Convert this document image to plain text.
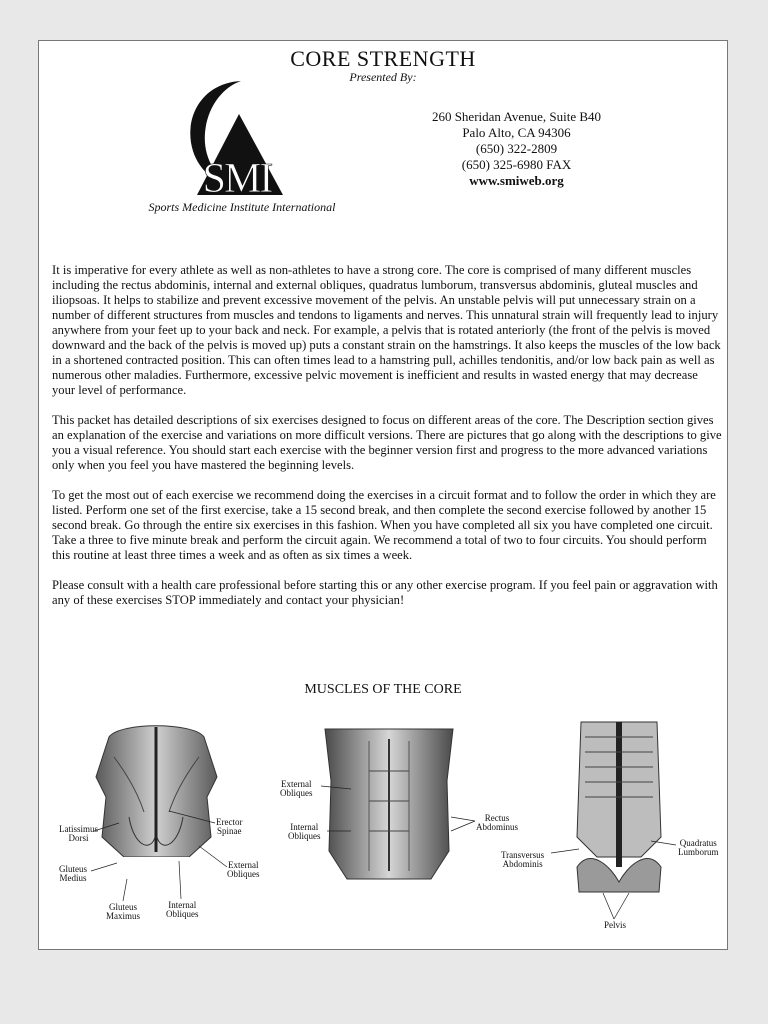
CORE STRENGTH
Presented By:
SMI
Sports Medicine Institute International
260 Sheridan Avenue, Suite B40
Palo Alto, CA 94306
(650) 322-2809
(650) 325-6980 FAX
www.smiweb.org

It is imperative for every athlete as well as non-athletes to have a strong core. The core is comprised of many different muscles including the rectus abdominis, internal and external obliques, quadratus lumborum, transversus abdominis, gluteal muscles and iliopsoas. It helps to stabilize and prevent excessive movement of the pelvis. An unstable pelvis will put unnecessary strain on a number of different structures from muscles and tendons to ligaments and nerves. This unnatural strain will frequently lead to injury anywhere from your feet up to your back and neck. For example, a pelvis that is rotated anteriorly (the front of the pelvis is moved downward and the back of the pelvis is moved up) puts a constant strain on the hamstrings. It also keeps the muscles of the low back in a shortened contracted position. This can often times lead to a hamstring pull, achilles tendonitis, and/or low back pain as well as numerous other maladies. Furthermore, excessive pelvic movement is inefficient and results in wasted energy that may decrease your level of performance.

This packet has detailed descriptions of six exercises designed to focus on different areas of the core. The Description section gives an explanation of the exercise and variations on more difficult versions. There are pictures that go along with the descriptions to give you a visual reference. You should start each exercise with the beginner version first and progress to the more advanced variations only when you feel you have mastered the beginning levels.

To get the most out of each exercise we recommend doing the exercises in a circuit format and to follow the order in which they are listed. Perform one set of the first exercise, take a 15 second break, and then complete the second exercise followed by another 15 second break. Go through the entire six exercises in this fashion. When you have completed all six you have completed one circuit. Take a three to five minute break and perform the circuit again. We recommend a total of two to four circuits. You should perform this routine at least three times a week and as often as six times a week.

Please consult with a health care professional before starting this or any other exercise program. If you feel pain or aggravation with any of these exercises STOP immediately and contact your physician!

MUSCLES OF THE CORE
Latissimus
Dorsi
Erector
Spinae
Gluteus
Medius
External
Obliques
Gluteus
Maximus
Internal
Obliques
External
Obliques
Internal
Obliques
Rectus
Abdominus
Quadratus
Lumborum
Transversus
Abdominis
Pelvis
